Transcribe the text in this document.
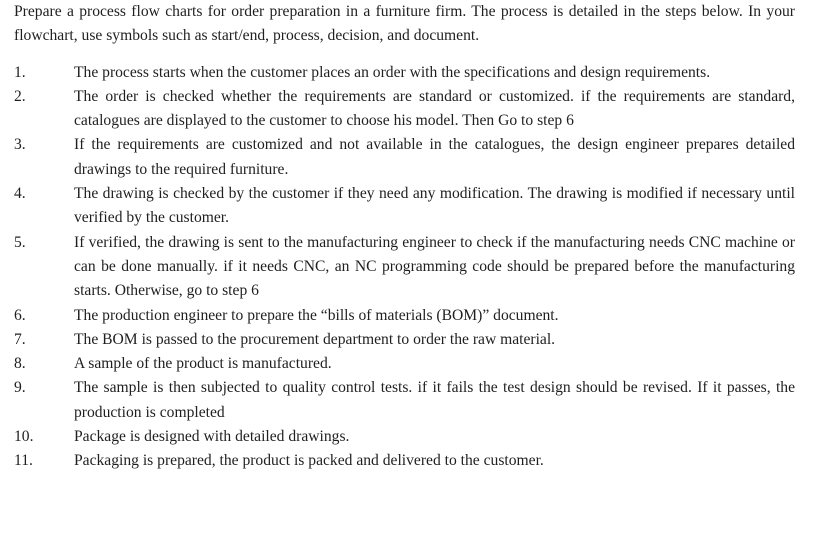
Prepare a process flow charts for order preparation in a furniture firm. The process is detailed in the steps below. In your flowchart, use symbols such as start/end, process, decision, and document.

1.	The process starts when the customer places an order with the specifications and design requirements.
2.	The order is checked whether the requirements are standard or customized. if the requirements are standard, catalogues are displayed to the customer to choose his model. Then Go to step 6
3.	If the requirements are customized and not available in the catalogues, the design engineer prepares detailed drawings to the required furniture.
4.	The drawing is checked by the customer if they need any modification. The drawing is modified if necessary until verified by the customer.
5.	If verified, the drawing is sent to the manufacturing engineer to check if the manufacturing needs CNC machine or can be done manually. if it needs CNC, an NC programming code should be prepared before the manufacturing starts. Otherwise, go to step 6
6.	The production engineer to prepare the “bills of materials (BOM)” document.
7.	The BOM is passed to the procurement department to order the raw material.
8.	A sample of the product is manufactured.
9.	The sample is then subjected to quality control tests. if it fails the test design should be revised. If it passes, the production is completed
10.	Package is designed with detailed drawings.
11.	Packaging is prepared, the product is packed and delivered to the customer.
